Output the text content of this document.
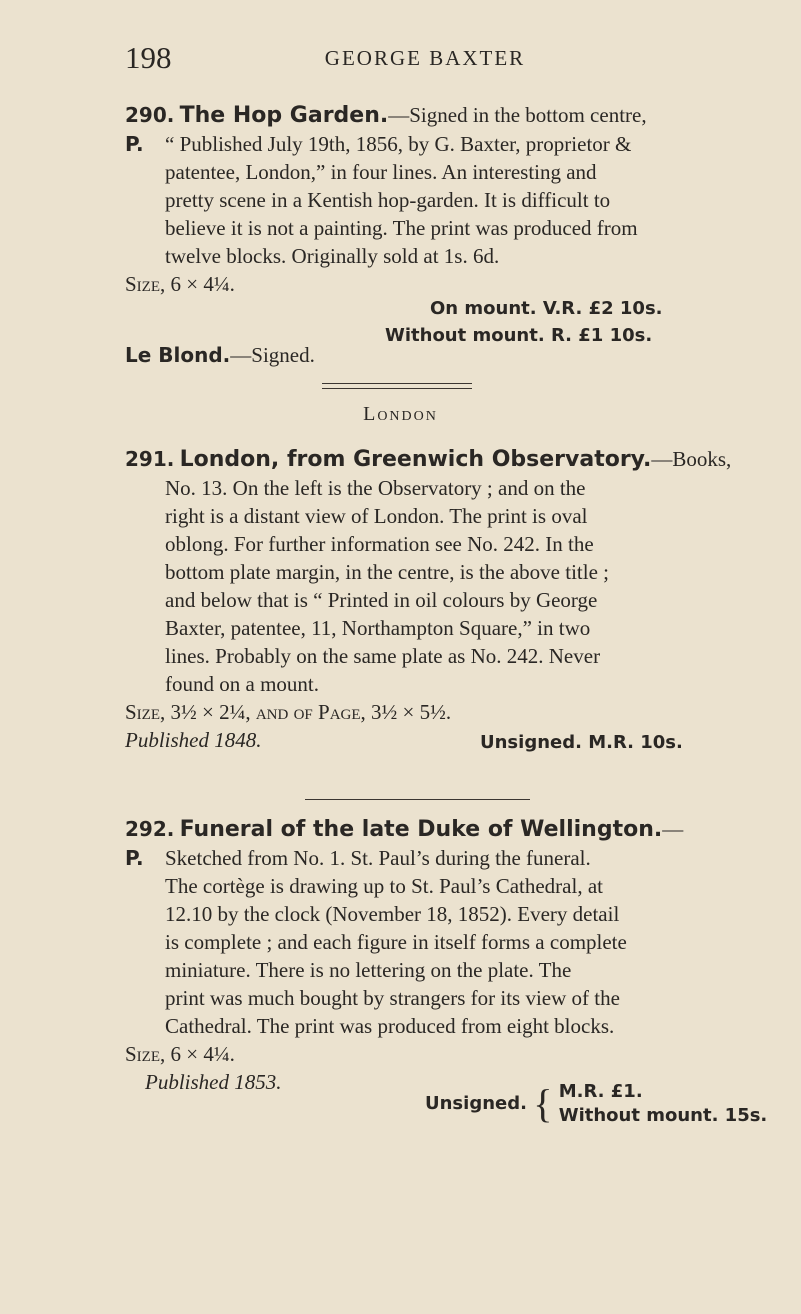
198	GEORGE BAXTER
290. The Hop Garden.—Signed in the bottom centre,
P. “ Published July 19th, 1856, by G. Baxter, proprietor &
patentee, London,” in four lines. An interesting and
pretty scene in a Kentish hop-garden. It is difficult to
believe it is not a painting. The print was produced from
twelve blocks. Originally sold at 1s. 6d.
Size, 6 × 4¼.
On mount. V.R. £2 10s.
Without mount. R. £1 10s.
Le Blond.—Signed.
London
291. London, from Greenwich Observatory.—Books,
No. 13. On the left is the Observatory ; and on the
right is a distant view of London. The print is oval
oblong. For further information see No. 242. In the
bottom plate margin, in the centre, is the above title ;
and below that is “ Printed in oil colours by George
Baxter, patentee, 11, Northampton Square,” in two
lines. Probably on the same plate as No. 242. Never
found on a mount.
Size, 3½ × 2¼, and of Page, 3½ × 5½.
Published 1848.	Unsigned. M.R. 10s.
292. Funeral of the late Duke of Wellington.—
P. Sketched from No. 1. St. Paul’s during the funeral.
The cortège is drawing up to St. Paul’s Cathedral, at
12.10 by the clock (November 18, 1852). Every detail
is complete ; and each figure in itself forms a complete
miniature. There is no lettering on the plate. The
print was much bought by strangers for its view of the
Cathedral. The print was produced from eight blocks.
Size, 6 × 4¼.
Published 1853.
Unsigned. { M.R. £1.
Without mount. 15s.
